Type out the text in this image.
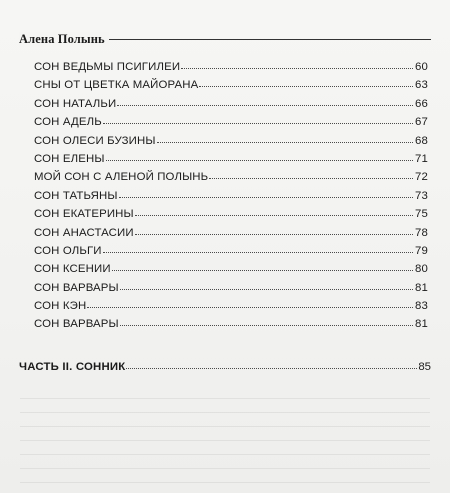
Алена Полынь
СОН ВЕДЬМЫ ПСИГИЛЕИ	60
СНЫ ОТ ЦВЕТКА МАЙОРАНА	63
СОН НАТАЛЬИ	66
СОН АДЕЛЬ	67
СОН ОЛЕСИ БУЗИНЫ	68
СОН ЕЛЕНЫ	71
МОЙ СОН С АЛЕНОЙ ПОЛЫНЬ	72
СОН ТАТЬЯНЫ	73
СОН ЕКАТЕРИНЫ	75
СОН АНАСТАСИИ	78
СОН ОЛЬГИ	79
СОН КСЕНИИ	80
СОН ВАРВАРЫ	81
СОН КЭН	83
СОН ВАРВАРЫ	81
ЧАСТЬ II. СОННИК	85
